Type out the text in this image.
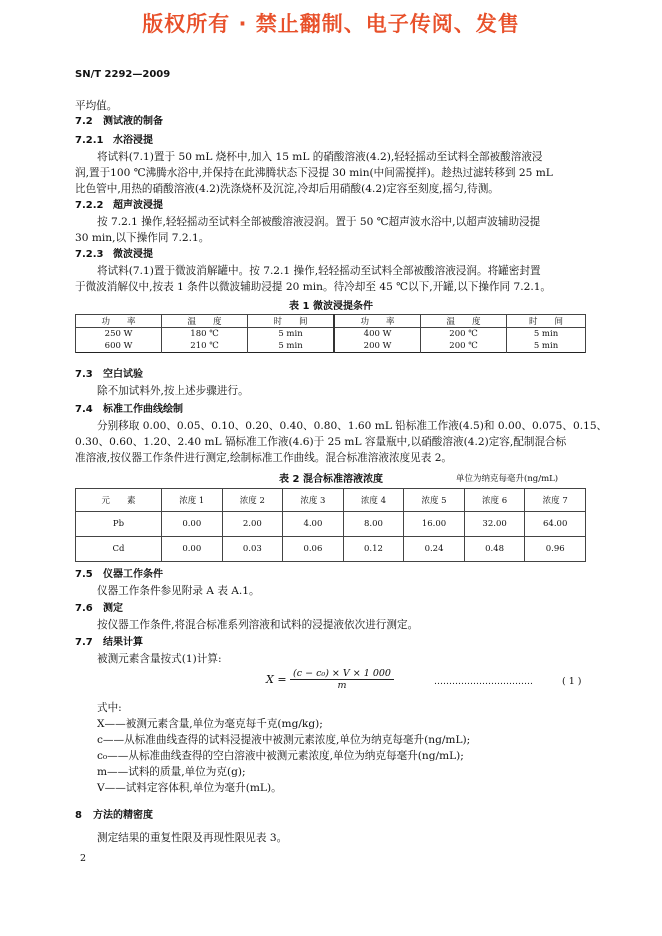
版权所有 · 禁止翻制、电子传阅、发售
SN/T 2292—2009
平均值。
7.2 测试液的制备
7.2.1 水浴浸提
将试料(7.1)置于 50 mL 烧杯中,加入 15 mL 的硝酸溶液(4.2),轻轻摇动至试料全部被酸溶液浸
润,置于100 ℃沸腾水浴中,并保持在此沸腾状态下浸提 30 min(中间需搅拌)。趁热过滤转移到 25 mL
比色管中,用热的硝酸溶液(4.2)洗涤烧杯及沉淀,冷却后用硝酸(4.2)定容至刻度,摇匀,待测。
7.2.2 超声波浸提
按 7.2.1 操作,轻轻摇动至试料全部被酸溶液浸润。置于 50 ℃超声波水浴中,以超声波辅助浸提
30 min,以下操作同 7.2.1。
7.2.3 微波浸提
将试料(7.1)置于微波消解罐中。按 7.2.1 操作,轻轻摇动至试料全部被酸溶液浸润。将罐密封置
于微波消解仪中,按表 1 条件以微波辅助浸提 20 min。待冷却至 45 ℃以下,开罐,以下操作同 7.2.1。
表 1 微波浸提条件
功　　率	温　　度	时　　间	功　　率	温　　度	时　　间
250 W	180 ℃	5 min	400 W	200 ℃	5 min
600 W	210 ℃	5 min	200 W	200 ℃	5 min
7.3 空白试验
除不加试料外,按上述步骤进行。
7.4 标准工作曲线绘制
分别移取 0.00、0.05、0.10、0.20、0.40、0.80、1.60 mL 铅标准工作液(4.5)和 0.00、0.075、0.15、
0.30、0.60、1.20、2.40 mL 镉标准工作液(4.6)于 25 mL 容量瓶中,以硝酸溶液(4.2)定容,配制混合标
准溶液,按仪器工作条件进行测定,绘制标准工作曲线。混合标准溶液浓度见表 2。
表 2 混合标准溶液浓度	单位为纳克每毫升(ng/mL)
元　　素	浓度 1	浓度 2	浓度 3	浓度 4	浓度 5	浓度 6	浓度 7
Pb	0.00	2.00	4.00	8.00	16.00	32.00	64.00
Cd	0.00	0.03	0.06	0.12	0.24	0.48	0.96
7.5 仪器工作条件
仪器工作条件参见附录 A 表 A.1。
7.6 测定
按仪器工作条件,将混合标准系列溶液和试料的浸提液依次进行测定。
7.7 结果计算
被测元素含量按式(1)计算:
$X = \frac{\text{(c − c₀) × V × 1 000}}{m}$	……………………………	( 1 )
式中:
X——被测元素含量,单位为毫克每千克(mg/kg);
c——从标准曲线查得的试料浸提液中被测元素浓度,单位为纳克每毫升(ng/mL);
c₀——从标准曲线查得的空白溶液中被测元素浓度,单位为纳克每毫升(ng/mL);
m——试料的质量,单位为克(g);
V——试料定容体积,单位为毫升(mL)。
8 方法的精密度
测定结果的重复性限及再现性限见表 3。
2
